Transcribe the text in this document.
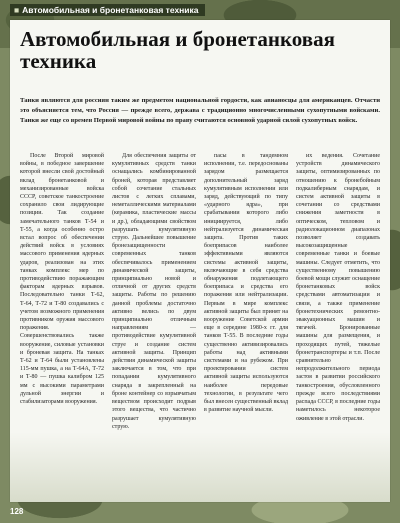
■ Автомобильная и бронетанковая техника
Автомобильная и бронетанковая техника
Танки являются для россиян таким же предметом национальной гордости, как авианосцы для американцев. Отчасти это объясняется тем, что Россия — прежде всего, держава с традиционно многочисленными сухопутными войсками. Танки же еще со времен Первой мировой войны по праву считаются основной ударной силой сухопутных войск.

После Второй мировой войны, в победное завершение которой внесли свой достойный вклад бронетанковой и механизированные войска СССР, советское танкостроение сохранило свои лидирующие позиции. Так создание замечательного танков Т-54 и Т-55, а когда особенно остро встал вопрос об обеспечении действий войск в условиях массового применения ядерных ударов, реализован на этих танках комплекс мер по противодействию поражающим факторам ядерных взрывов. Последовательно танки Т-62, Т-64, Т-72 и Т-80 создавались с учетом возможного применения противником оружия массового поражения. Совершенствовались также вооружение, силовые установки и броневая защита. На танках Т-62 и Т-64 были установлены 115-мм пушка, а на Т-64А, Т-72 и Т-80 — пушка калибром 125 мм с высокими параметрами дульной энергии и стабилизаторами вооружения.

Для обеспечения защиты от кумулятивных средств танки оснащались комбинированной броней, которая представляет собой сочетание стальных листов с легких сплавами, неметаллическими материалами (керамика, пластические массы и др.), обладающими свойством разрушать кумулятивную струю. Дальнейшее повышение бронезащищенности современных танков обеспечивалось применением динамической защиты, принципиально новой и отличной от других средств защиты. Работы по решению данной проблемы достаточно активно велись по двум принципиально отличным направлениям — противодействие кумулятивной струе и создание систем активной защиты. Принцип действия динамической защиты заключается в том, что при попадании кумулятивного снаряда в закрепленный на броне контейнер со взрывчатым веществом происходит подрыв этого вещества, что частично разрушает кумулятивную струю.

пасы в тандемном исполнении, т.е. передоснованы зарядом размещается дополнительный заряд кумулятивным исполнении или заряд, действующий по типу «ударного ядра», при срабатывании которого либо инициируется, либо нейтрализуется динамическая защита. Против таких боеприпасов наиболее эффективными являются системы активной защиты, включающие в себя средства обнаружения подлетающего боеприпаса и средства его поражения или нейтрализации. Первым в мире комплекс активной защиты был принят на вооружение Советской армии еще в середине 1980-х гг. для танков Т-55. В последние годы существенно активизировались работы над активными системами и на рубежом. При проектировании систем активной защиты используются наиболее передовые технологии, в результате чего был внесен существенный вклад в развитие научной мысли.

их ведения. Сочетание устройств динамического защиты, оптимизированных по отношению к бронебойным подкалиберным снарядам, и систем активной защиты в сочетании со средствами снижения заметности в оптическом, тепловом и радиолокационном диапазонах позволяет создавать высокозащищенные современные танки и боевые машины. Следует отметить, что существенному повышению боевой мощи служит оснащение бронетанковых войск средствами автоматизации и связи, а также применение бронетехнических ремонтно-эвакуационных машин и тягачей. Бронированные машины для размещения, и проходящих путей, тяжелые бронетранспортеры и т.п. После сравнительно непродолжительного периода застоя в развитии российского танкостроения, обусловленного прежде всего последствиями распада СССР, в последние годы наметилось некоторое оживление в этой отрасли.

128
